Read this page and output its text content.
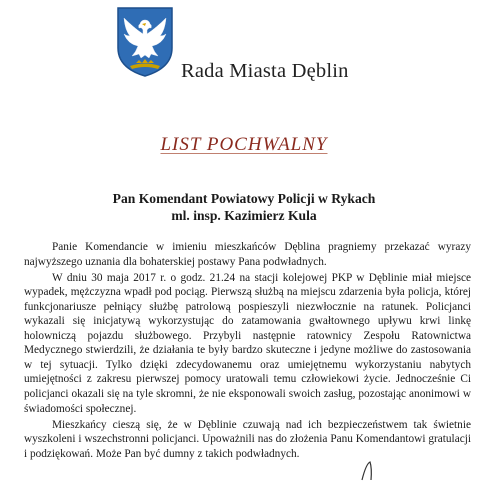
Rada Miasta Dęblin
LIST POCHWALNY
Pan Komendant Powiatowy Policji w Rykach
ml. insp. Kazimierz Kula

Panie Komendancie w imieniu mieszkańców Dęblina pragniemy przekazać wyrazy najwyższego uznania dla bohaterskiej postawy Pana podwładnych.

W dniu 30 maja 2017 r. o godz. 21.24 na stacji kolejowej PKP w Dęblinie miał miejsce wypadek, mężczyzna wpadł pod pociąg. Pierwszą służbą na miejscu zdarzenia była policja, której funkcjonariusze pełniący służbę patrolową pospieszyli niezwłocznie na ratunek. Policjanci wykazali się inicjatywą wykorzystując do zatamowania gwałtownego upływu krwi linkę holowniczą pojazdu służbowego. Przybyli następnie ratownicy Zespołu Ratownictwa Medycznego stwierdzili, że działania te były bardzo skuteczne i jedyne możliwe do zastosowania w tej sytuacji. Tylko dzięki zdecydowanemu oraz umiejętnemu wykorzystaniu nabytych umiejętności z zakresu pierwszej pomocy uratowali temu człowiekowi życie. Jednocześnie Ci policjanci okazali się na tyle skromni, że nie eksponowali swoich zasług, pozostając anonimowi w świadomości społecznej.

Mieszkańcy cieszą się, że w Dęblinie czuwają nad ich bezpieczeństwem tak świetnie wyszkoleni i wszechstronni policjanci. Upoważnili nas do złożenia Panu Komendantowi gratulacji i podziękowań. Może Pan być dumny z takich podwładnych.
